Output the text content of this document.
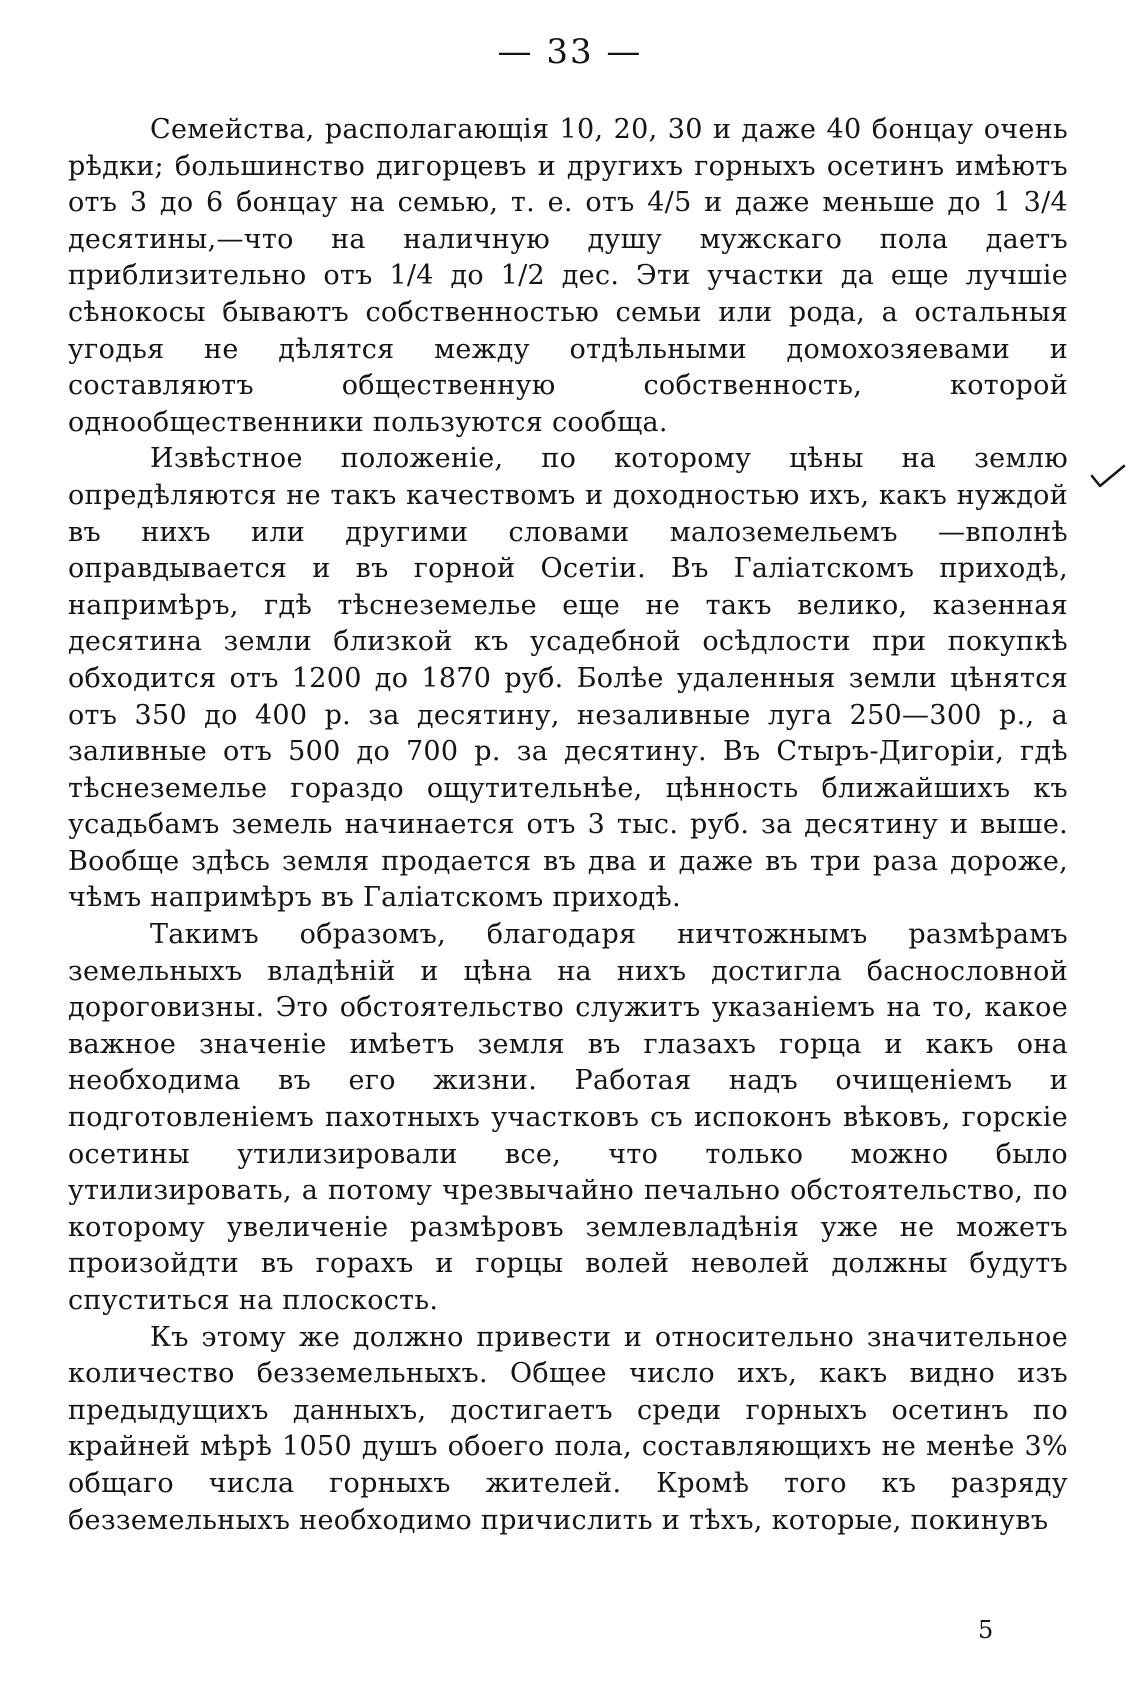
— 33 —

Семейства, располагающія 10, 20, 30 и даже 40 бонцау очень рѣдки; большинство дигорцевъ и другихъ горныхъ осетинъ имѣютъ отъ 3 до 6 бонцау на семью, т. е. отъ 4/5 и даже меньше до 1 3/4 десятины,—что на наличную душу мужскаго пола даетъ приблизительно отъ 1/4 до 1/2 дес. Эти участки да еще лучшіе сѣнокосы бываютъ собственностью семьи или рода, а остальныя угодья не дѣлятся между отдѣльными домохозяевами и составляютъ общественную собственность, которой однообщественники пользуются сообща.

Извѣстное положеніе, по которому цѣны на землю опредѣляются не такъ качествомъ и доходностью ихъ, какъ нуждой въ нихъ или другими словами малоземельемъ —вполнѣ оправдывается и въ горной Осетіи. Въ Галіатскомъ приходѣ, напримѣръ, гдѣ тѣснеземелье еще не такъ велико, казенная десятина земли близкой къ усадебной осѣдлости при покупкѣ обходится отъ 1200 до 1870 руб. Болѣе удаленныя земли цѣнятся отъ 350 до 400 р. за десятину, незаливные луга 250—300 р., а заливные отъ 500 до 700 р. за десятину. Въ Стыръ-Дигоріи, гдѣ тѣснеземелье гораздо ощутительнѣе, цѣнность ближайшихъ къ усадьбамъ земель начинается отъ 3 тыс. руб. за десятину и выше. Вообще здѣсь земля продается въ два и даже въ три раза дороже, чѣмъ напримѣръ въ Галіатскомъ приходѣ.

Такимъ образомъ, благодаря ничтожнымъ размѣрамъ земельныхъ владѣній и цѣна на нихъ достигла баснословной дороговизны. Это обстоятельство служитъ указаніемъ на то, какое важное значеніе имѣетъ земля въ глазахъ горца и какъ она необходима въ его жизни. Работая надъ очищеніемъ и подготовленіемъ пахотныхъ участковъ съ испоконъ вѣковъ, горскіе осетины утилизировали все, что только можно было утилизировать, а потому чрезвычайно печально обстоятельство, по которому увеличеніе размѣровъ землевладѣнія уже не можетъ произойдти въ горахъ и горцы волей неволей должны будутъ спуститься на плоскость.

Къ этому же должно привести и относительно значительное количество безземельныхъ. Общее число ихъ, какъ видно изъ предыдущихъ данныхъ, достигаетъ среди горныхъ осетинъ по крайней мѣрѣ 1050 душъ обоего пола, составляющихъ не менѣе 3% общаго числа горныхъ жителей. Кромѣ того къ разряду безземельныхъ необходимо причислить и тѣхъ, которые, покинувъ

5
